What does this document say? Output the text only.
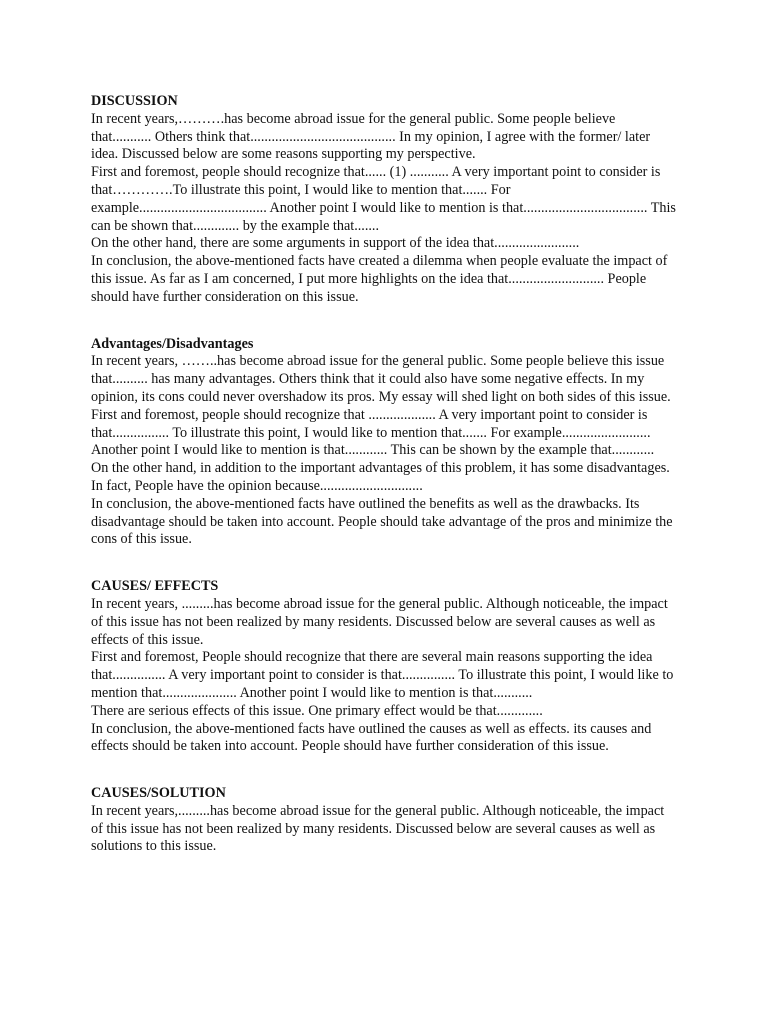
DISCUSSION

In recent years,……….has become abroad issue for the general public. Some people believe that........... Others think that......................................... In my opinion, I agree with the former/ later idea. Discussed below are some reasons supporting my perspective.

First and foremost, people should recognize that...... (1) ........... A very important point to consider is that………….To illustrate this point, I would like to mention that....... For example.................................... Another point I would like to mention is that................................... This can be shown that............. by the example that.......

On the other hand, there are some arguments in support of the idea that........................

In conclusion, the above-mentioned facts have created a dilemma when people evaluate the impact of this issue. As far as I am concerned, I put more highlights on the idea that........................... People should have further consideration on this issue.

Advantages/Disadvantages

In recent years, ……..has become abroad issue for the general public. Some people believe this issue that.......... has many advantages. Others think that it could also have some negative effects. In my opinion, its cons could never overshadow its pros. My essay will shed light on both sides of this issue.

First and foremost, people should recognize that ................... A very important point to consider is that................ To illustrate this point, I would like to mention that....... For example......................... Another point I would like to mention is that............ This can be shown by the example that............

On the other hand, in addition to the important advantages of this problem, it has some disadvantages. In fact, People have the opinion because.............................

In conclusion, the above-mentioned facts have outlined the benefits as well as the drawbacks. Its disadvantage should be taken into account. People should take advantage of the pros and minimize the cons of this issue.

CAUSES/ EFFECTS

In recent years, .........has become abroad issue for the general public. Although noticeable, the impact of this issue has not been realized by many residents. Discussed below are several causes as well as effects of this issue.

First and foremost, People should recognize that there are several main reasons supporting the idea that............... A very important point to consider is that............... To illustrate this point, I would like to mention that..................... Another point I would like to mention is that...........

There are serious effects of this issue. One primary effect would be that.............

In conclusion, the above-mentioned facts have outlined the causes as well as effects. its causes and effects should be taken into account. People should have further consideration of this issue.

CAUSES/SOLUTION

In recent years,.........has become abroad issue for the general public. Although noticeable, the impact of this issue has not been realized by many residents. Discussed below are several causes as well as solutions to this issue.
